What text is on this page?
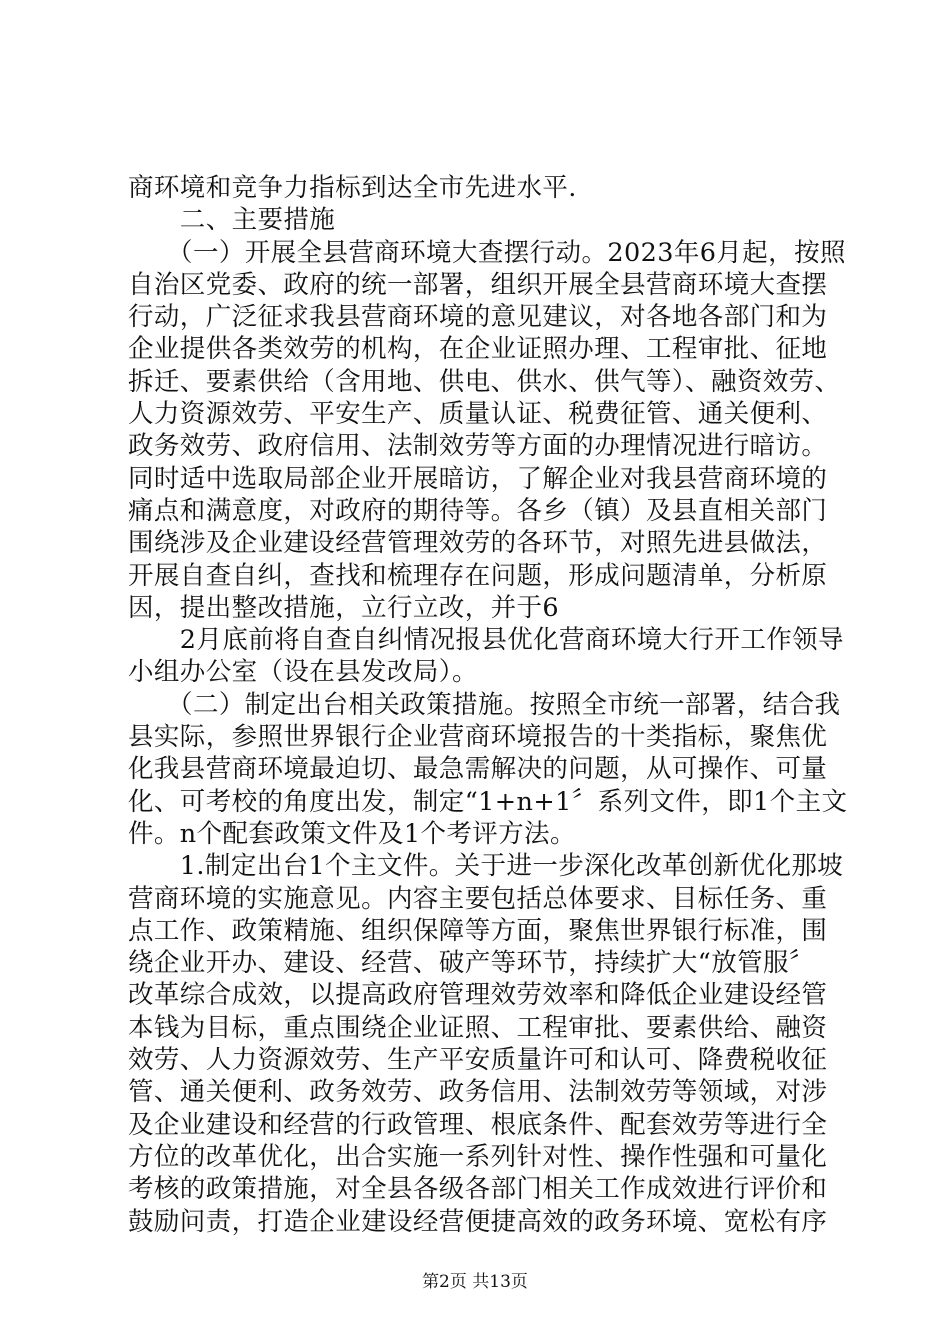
商环境和竞争力指标到达全市先进水平.
　　二、主要措施
　　（一）开展全县营商环境大查摆行动。2023年6月起，按照
自治区党委、政府的统一部署，组织开展全县营商环境大查摆
行动，广泛征求我县营商环境的意见建议，对各地各部门和为
企业提供各类效劳的机构，在企业证照办理、工程审批、征地
拆迁、要素供给（含用地、供电、供水、供气等）、融资效劳、
人力资源效劳、平安生产、质量认证、税费征管、通关便利、
政务效劳、政府信用、法制效劳等方面的办理情况进行暗访。
同时适中选取局部企业开展暗访，了解企业对我县营商环境的
痛点和满意度，对政府的期待等。各乡（镇）及县直相关部门
围绕涉及企业建设经营管理效劳的各环节，对照先进县做法，
开展自查自纠，查找和梳理存在问题，形成问题清单，分析原
因，提出整改措施，立行立改，并于6
　　2月底前将自查自纠情况报县优化营商环境大行开工作领导
小组办公室（设在县发改局）。
　　（二）制定出台相关政策措施。按照全市统一部署，结合我
县实际，参照世界银行企业营商环境报告的十类指标，聚焦优
化我县营商环境最迫切、最急需解决的问题，从可操作、可量
化、可考校的角度出发，制定“1+n+1〞系列文件，即1个主文
件。n个配套政策文件及1个考评方法。
　　1.制定出台1个主文件。关于进一步深化改革创新优化那坡
营商环境的实施意见。内容主要包括总体要求、目标任务、重
点工作、政策精施、组织保障等方面，聚焦世界银行标准，围
绕企业开办、建设、经营、破产等环节，持续扩大“放管服〞
改革综合成效，以提高政府管理效劳效率和降低企业建设经管
本钱为目标，重点围绕企业证照、工程审批、要素供给、融资
效劳、人力资源效劳、生产平安质量许可和认可、降费税收征
管、通关便利、政务效劳、政务信用、法制效劳等领域，对涉
及企业建设和经营的行政管理、根底条件、配套效劳等进行全
方位的改革优化，出合实施一系列针对性、操作性强和可量化
考核的政策措施，对全县各级各部门相关工作成效进行评价和
鼓励问责，打造企业建设经营便捷高效的政务环境、宽松有序
第2页 共13页
